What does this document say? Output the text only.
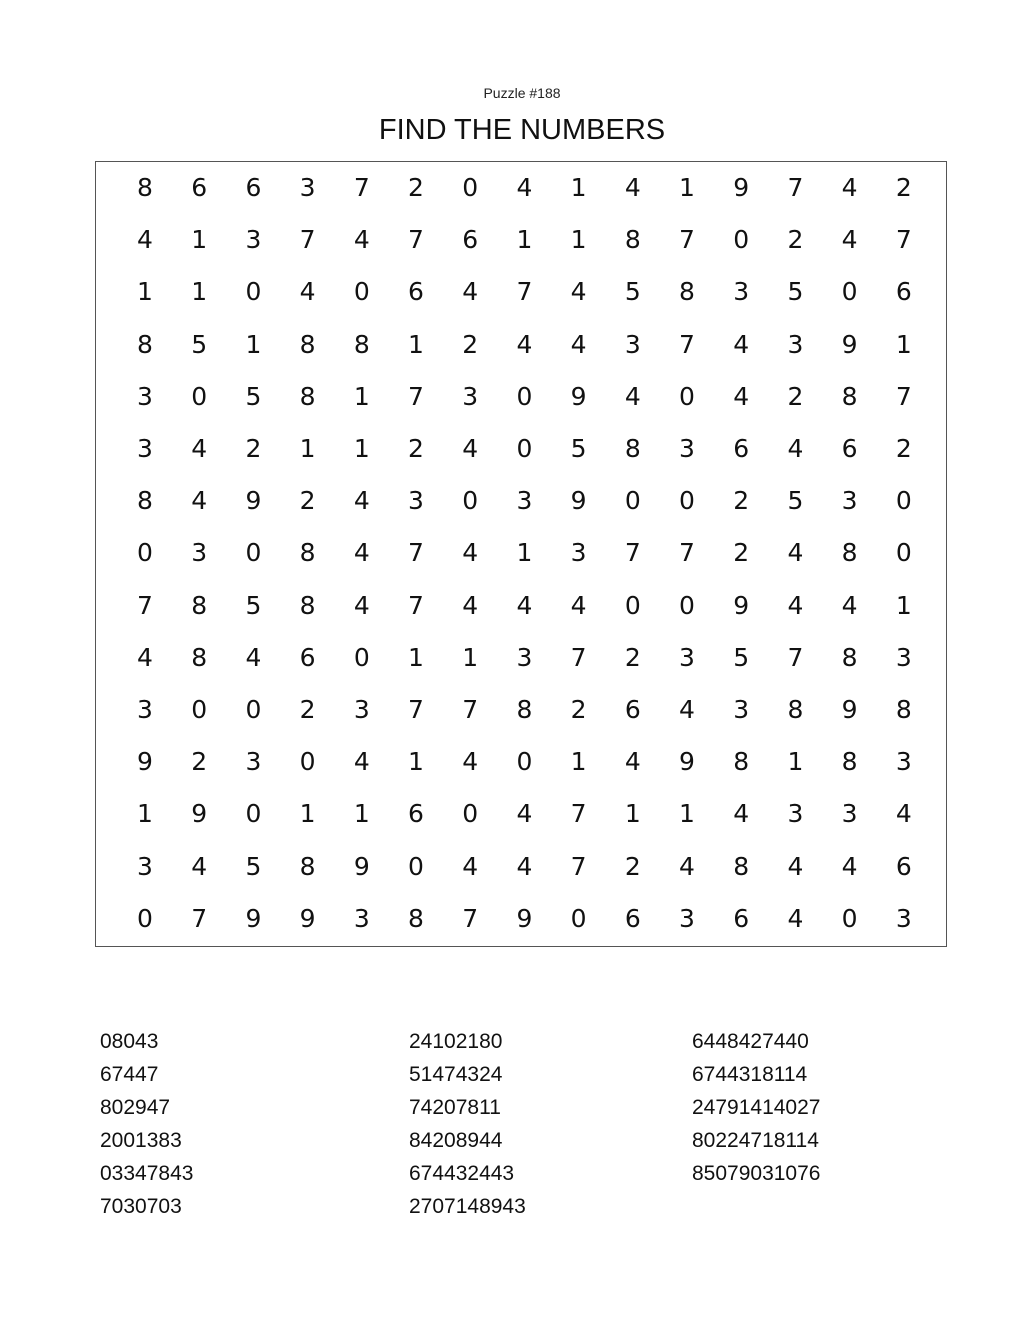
Puzzle #188
FIND THE NUMBERS
8	6	6	3	7	2	0	4	1	4	1	9	7	4	2
4	1	3	7	4	7	6	1	1	8	7	0	2	4	7
1	1	0	4	0	6	4	7	4	5	8	3	5	0	6
8	5	1	8	8	1	2	4	4	3	7	4	3	9	1
3	0	5	8	1	7	3	0	9	4	0	4	2	8	7
3	4	2	1	1	2	4	0	5	8	3	6	4	6	2
8	4	9	2	4	3	0	3	9	0	0	2	5	3	0
0	3	0	8	4	7	4	1	3	7	7	2	4	8	0
7	8	5	8	4	7	4	4	4	0	0	9	4	4	1
4	8	4	6	0	1	1	3	7	2	3	5	7	8	3
3	0	0	2	3	7	7	8	2	6	4	3	8	9	8
9	2	3	0	4	1	4	0	1	4	9	8	1	8	3
1	9	0	1	1	6	0	4	7	1	1	4	3	3	4
3	4	5	8	9	0	4	4	7	2	4	8	4	4	6
0	7	9	9	3	8	7	9	0	6	3	6	4	0	3
08043
67447
802947
2001383
03347843
7030703
24102180
51474324
74207811
84208944
674432443
2707148943
6448427440
6744318114
24791414027
80224718114
85079031076
